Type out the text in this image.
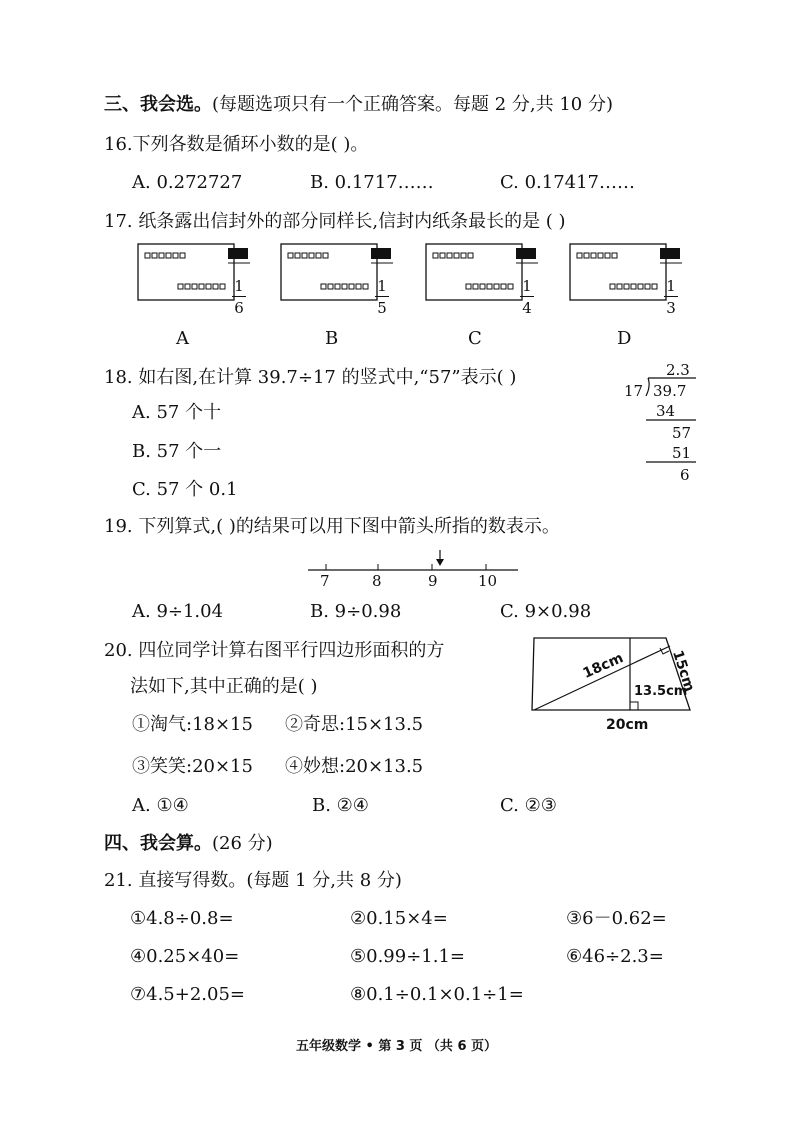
三、我会选。(每题选项只有一个正确答案。每题 2 分,共 10 分)
16.下列各数是循环小数的是( )。
A. 0.272727	B. 0.1717……	C. 0.17417……
17. 纸条露出信封外的部分同样长,信封内纸条最长的是 ( )
1
6
A
1
5
B
1
4
C
1
3
D
18. 如右图,在计算 39.7÷17 的竖式中,“57”表示( )
A. 57 个十
B. 57 个一
C. 57 个 0.1
2.3
17 39.7
34
57
51
6
19. 下列算式,( )的结果可以用下图中箭头所指的数表示。
7	8	9	10
A. 9÷1.04	B. 9÷0.98	C. 9×0.98
20. 四位同学计算右图平行四边形面积的方
法如下,其中正确的是( )
①淘气:18×15 ②奇思:15×13.5
③笑笑:20×15 ④妙想:20×13.5
A. ①④	B. ②④	C. ②③
18cm	15cm
13.5cm
20cm
四、我会算。(26 分)
21. 直接写得数。(每题 1 分,共 8 分)
①4.8÷0.8=	②0.15×4=	③6－0.62=
④0.25×40=	⑤0.99÷1.1=	⑥46÷2.3=
⑦4.5+2.05=	⑧0.1÷0.1×0.1÷1=
五年级数学 • 第 3 页 （共 6 页）
